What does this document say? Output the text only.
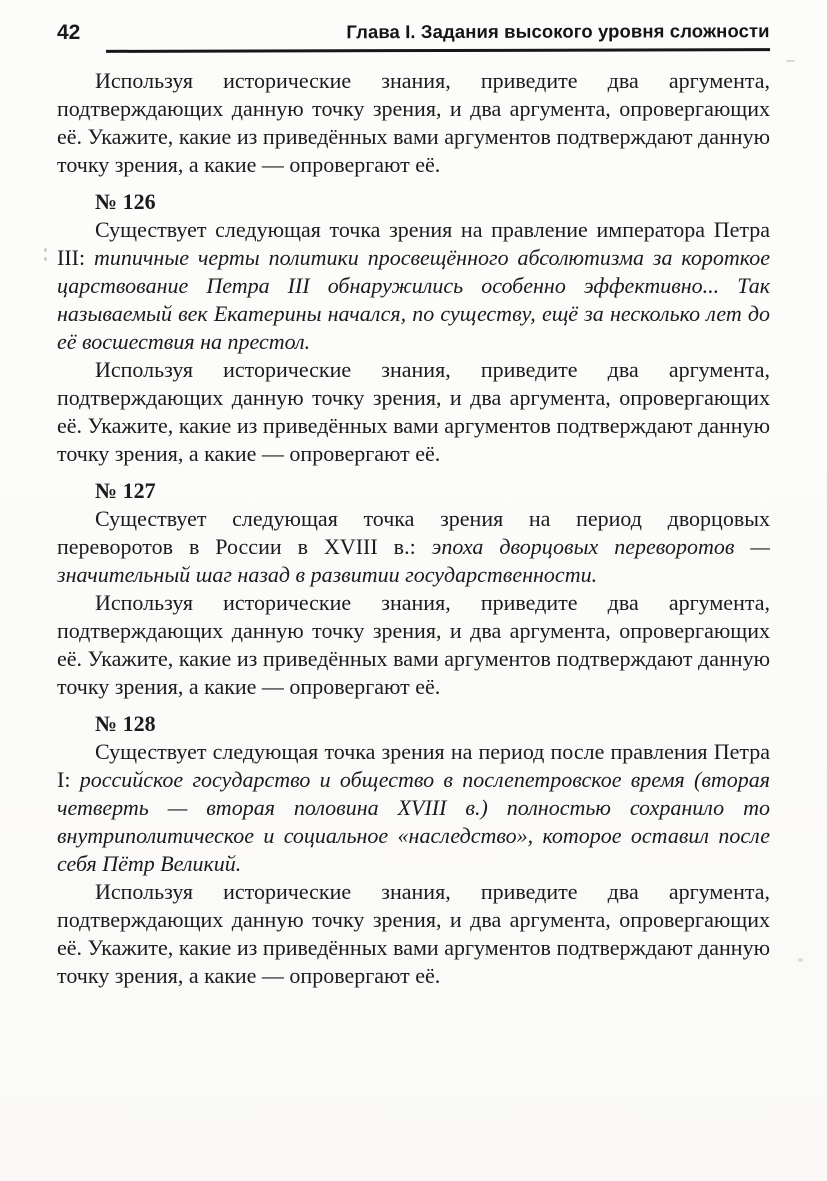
42	Глава I. Задания высокого уровня сложности

Используя исторические знания, приведите два аргумента, подтверждающих данную точку зрения, и два аргумента, опровергающих её. Укажите, какие из приведённых вами аргументов подтверждают данную точку зрения, а какие — опровергают её.

№ 126

Существует следующая точка зрения на правление императора Петра III: типичные черты политики просвещённого абсолютизма за короткое царствование Петра III обнаружились особенно эффективно... Так называемый век Екатерины начался, по существу, ещё за несколько лет до её восшествия на престол.

Используя исторические знания, приведите два аргумента, подтверждающих данную точку зрения, и два аргумента, опровергающих её. Укажите, какие из приведённых вами аргументов подтверждают данную точку зрения, а какие — опровергают её.

№ 127

Существует следующая точка зрения на период дворцовых переворотов в России в XVIII в.: эпоха дворцовых переворотов — значительный шаг назад в развитии государственности.

Используя исторические знания, приведите два аргумента, подтверждающих данную точку зрения, и два аргумента, опровергающих её. Укажите, какие из приведённых вами аргументов подтверждают данную точку зрения, а какие — опровергают её.

№ 128

Существует следующая точка зрения на период после правления Петра I: российское государство и общество в послепетровское время (вторая четверть — вторая половина XVIII в.) полностью сохранило то внутриполитическое и социальное «наследство», которое оставил после себя Пётр Великий.

Используя исторические знания, приведите два аргумента, подтверждающих данную точку зрения, и два аргумента, опровергающих её. Укажите, какие из приведённых вами аргументов подтверждают данную точку зрения, а какие — опровергают её.
